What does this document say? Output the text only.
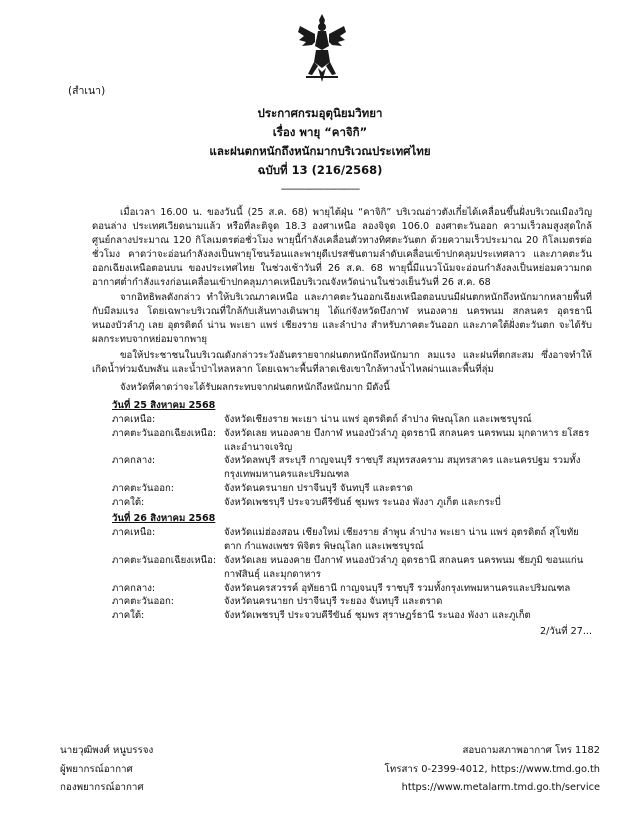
(สำเนา)
ประกาศกรมอุตุนิยมวิทยา
เรื่อง พายุ “คาจิกิ”
และฝนตกหนักถึงหนักมากบริเวณประเทศไทย
ฉบับที่ 13 (216/2568)
------------------------------

เมื่อเวลา 16.00 น. ของวันนี้ (25 ส.ค. 68) พายุไต้ฝุ่น “คาจิกิ” บริเวณอ่าวตังเกี๋ยได้เคลื่อนขึ้นฝั่งบริเวณเมืองวิญดอนล่าง ประเทศเวียดนามแล้ว หรือที่ละติจูด 18.3 องศาเหนือ ลองจิจูด 106.0 องศาตะวันออก ความเร็วลมสูงสุดใกล้ศูนย์กลางประมาณ 120 กิโลเมตรต่อชั่วโมง พายุนี้กำลังเคลื่อนตัวทางทิศตะวันตก ด้วยความเร็วประมาณ 20 กิโลเมตรต่อชั่วโมง คาดว่าจะอ่อนกำลังลงเป็นพายุโซนร้อนและพายุดีเปรสชันตามลำดับเคลื่อนเข้าปกคลุมประเทศลาว และภาคตะวันออกเฉียงเหนือตอนบน ของประเทศไทย ในช่วงเช้าวันที่ 26 ส.ค. 68 พายุนี้มีแนวโน้มจะอ่อนกำลังลงเป็นหย่อมความกดอากาศต่ำกำลังแรงก่อนเคลื่อนเข้าปกคลุมภาคเหนือบริเวณจังหวัดน่านในช่วงเย็นวันที่ 26 ส.ค. 68

จากอิทธิพลดังกล่าว ทำให้บริเวณภาคเหนือ และภาคตะวันออกเฉียงเหนือตอนบนมีฝนตกหนักถึงหนักมากหลายพื้นที่ กับมีลมแรง โดยเฉพาะบริเวณที่ใกล้กับเส้นทางเดินพายุ ได้แก่จังหวัดบึงกาฬ หนองคาย นครพนม สกลนคร อุดรธานี หนองบัวลำภู เลย อุตรดิตถ์ น่าน พะเยา แพร่ เชียงราย และลำปาง สำหรับภาคตะวันออก และภาคใต้ฝั่งตะวันตก จะได้รับผลกระทบจากหย่อมจากพายุ

ขอให้ประชาชนในบริเวณดังกล่าวระวังอันตรายจากฝนตกหนักถึงหนักมาก ลมแรง และฝนที่ตกสะสม ซึ่งอาจทำให้เกิดน้ำท่วมฉับพลัน และน้ำป่าไหลหลาก โดยเฉพาะพื้นที่ลาดเชิงเขาใกล้ทางน้ำไหลผ่านและพื้นที่ลุ่ม

จังหวัดที่คาดว่าจะได้รับผลกระทบจากฝนตกหนักถึงหนักมาก มีดังนี้
วันที่ 25 สิงหาคม 2568
ภาคเหนือ:	จังหวัดเชียงราย พะเยา น่าน แพร่ อุตรดิตถ์ ลำปาง พิษณุโลก และเพชรบูรณ์
ภาคตะวันออกเฉียงเหนือ: จังหวัดเลย หนองคาย บึงกาฬ หนองบัวลำภู อุดรธานี สกลนคร นครพนม มุกดาหาร ยโสธร และอำนาจเจริญ
ภาคกลาง:	จังหวัดลพบุรี สระบุรี กาญจนบุรี ราชบุรี สมุทรสงคราม สมุทรสาคร และนครปฐม รวมทั้งกรุงเทพมหานครและปริมณฑล
ภาคตะวันออก:	จังหวัดนครนายก ปราจีนบุรี จันทบุรี และตราด
ภาคใต้:	จังหวัดเพชรบุรี ประจวบคีรีขันธ์ ชุมพร ระนอง พังงา ภูเก็ต และกระบี่
วันที่ 26 สิงหาคม 2568
ภาคเหนือ:	จังหวัดแม่ฮ่องสอน เชียงใหม่ เชียงราย ลำพูน ลำปาง พะเยา น่าน แพร่ อุตรดิตถ์ สุโขทัย ตาก กำแพงเพชร พิจิตร พิษณุโลก และเพชรบูรณ์
ภาคตะวันออกเฉียงเหนือ: จังหวัดเลย หนองคาย บึงกาฬ หนองบัวลำภู อุดรธานี สกลนคร นครพนม ชัยภูมิ ขอนแก่น กาฬสินธุ์ และมุกดาหาร
ภาคกลาง:	จังหวัดนครสวรรค์ อุทัยธานี กาญจนบุรี ราชบุรี รวมทั้งกรุงเทพมหานครและปริมณฑล
ภาคตะวันออก:	จังหวัดนครนายก ปราจีนบุรี ระยอง จันทบุรี และตราด
ภาคใต้:	จังหวัดเพชรบุรี ประจวบคีรีขันธ์ ชุมพร สุราษฎร์ธานี ระนอง พังงา และภูเก็ต
2/วันที่ 27...
นายวุฒิพงศ์ หนูบรรจง
ผู้พยากรณ์อากาศ
กองพยากรณ์อากาศ
สอบถามสภาพอากาศ โทร 1182
โทรสาร 0-2399-4012, https://www.tmd.go.th
https://www.metalarm.tmd.go.th/service
